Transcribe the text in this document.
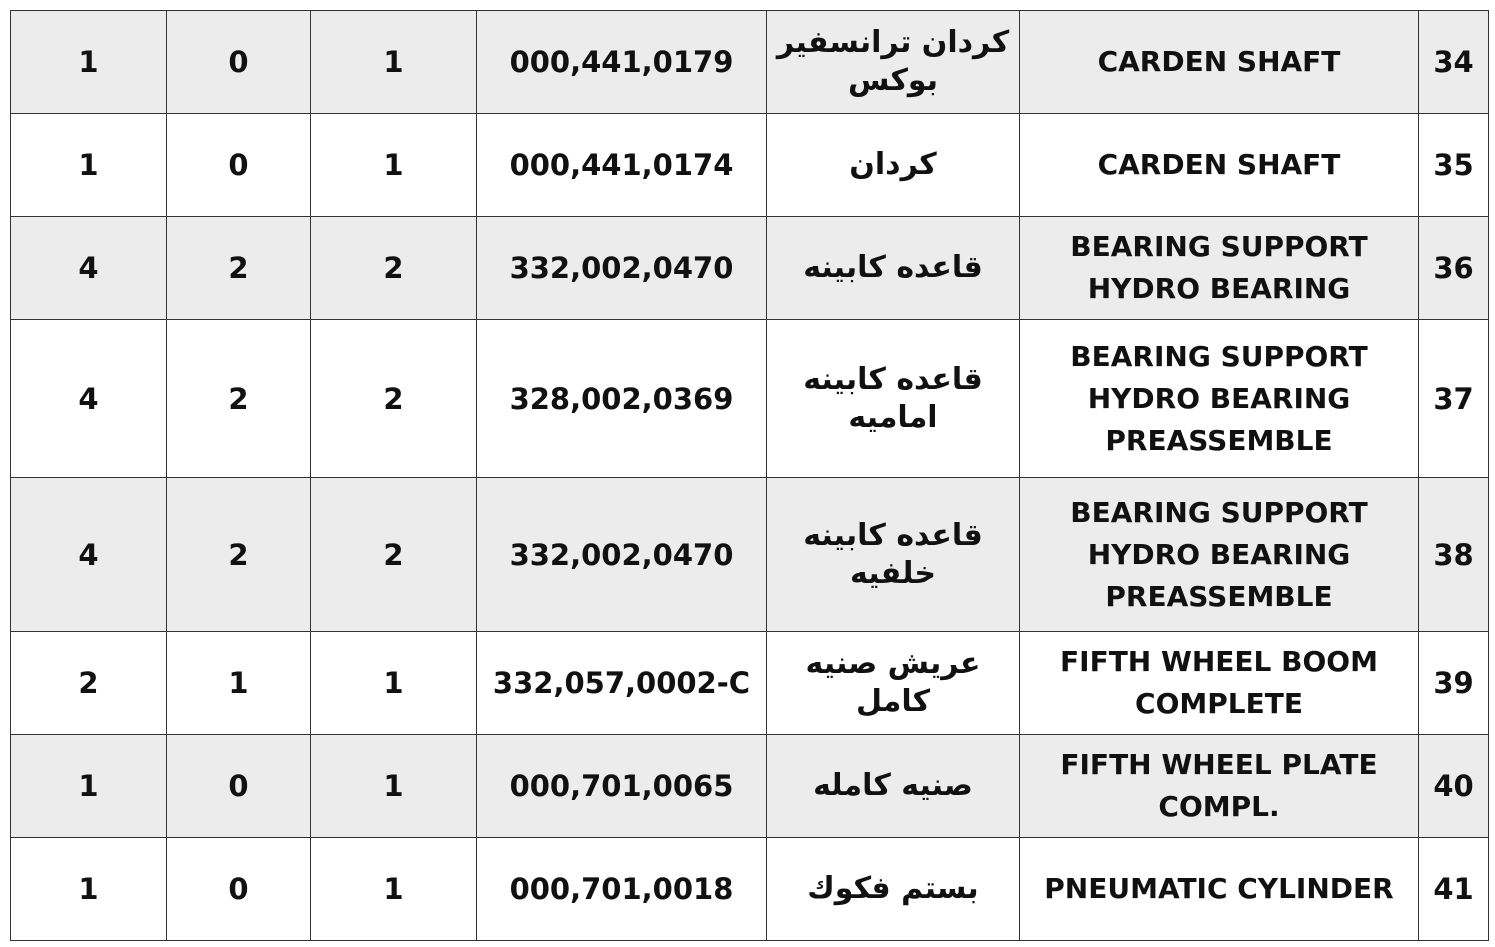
1	0	1	000,441,0179	كردان ترانسفير بوكس	CARDEN SHAFT	34
1	0	1	000,441,0174	كردان	CARDEN SHAFT	35
4	2	2	332,002,0470	قاعده كابينه	BEARING SUPPORT HYDRO BEARING	36
4	2	2	328,002,0369	قاعده كابينه اماميه	BEARING SUPPORT HYDRO BEARING PREASSEMBLE	37
4	2	2	332,002,0470	قاعده كابينه خلفيه	BEARING SUPPORT HYDRO BEARING PREASSEMBLE	38
2	1	1	332,057,0002-C	عريش صنيه كامل	FIFTH WHEEL BOOM COMPLETE	39
1	0	1	000,701,0065	صنيه كامله	FIFTH WHEEL PLATE COMPL.	40
1	0	1	000,701,0018	بستم فكوك	PNEUMATIC CYLINDER	41
